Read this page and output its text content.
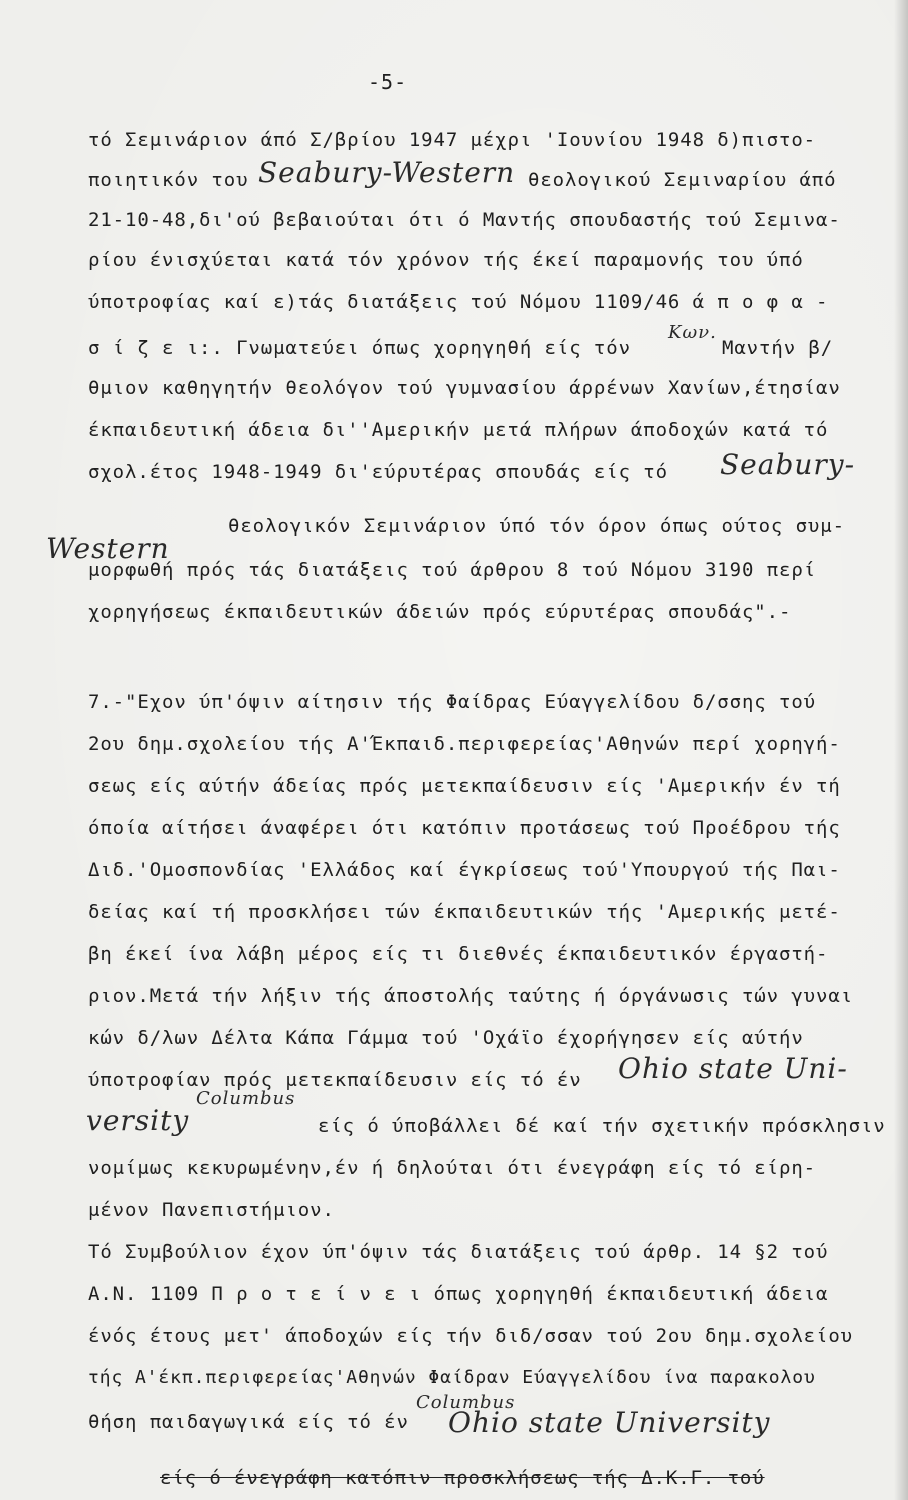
-5-
τό Σεμινάριον άπό Σ/βρίου 1947 μέχρι 'Ιουνίου 1948 δ)πιστο-
ποιητικόν του Seabury-Western θεολογικού Σεμιναρίου άπό
21-10-48,δι'ού βεβαιούται ότι ό Μαντής σπουδαστής τού Σεμινα-
ρίου ένισχύεται κατά τόν χρόνον τής έκεί παραμονής του ύπό
ύποτροφίας καί ε)τάς διατάξεις τού Νόμου 1109/46 ά π ο φ α -
σ ί ζ ε ι:. Γνωματεύει όπως χορηγηθή είς τόν
Κων.
Μαντήν β/
θμιον καθηγητήν θεολόγον τού γυμνασίου άρρένων Χανίων,έτησίαν
έκπαιδευτική άδεια δι''Αμερικήν μετά πλήρων άποδοχών κατά τό
σχολ.έτος 1948-1949 δι'εύρυτέρας σπουδάς είς τό Seabury-
Western
θεολογικόν Σεμινάριον ύπό τόν όρον όπως ούτος συμ-
μορφωθή πρός τάς διατάξεις τού άρθρου 8 τού Νόμου 3190 περί
χορηγήσεως έκπαιδευτικών άδειών πρός εύρυτέρας σπουδάς".-
7.-"Εχον ύπ'όψιν αίτησιν τής Φαίδρας Εύαγγελίδου δ/σσης τού
2ου δημ.σχολείου τής Α'Έκπαιδ.περιφερείας'Αθηνών περί χορηγή-
σεως είς αύτήν άδείας πρός μετεκπαίδευσιν είς 'Αμερικήν έν τή
όποία αίτήσει άναφέρει ότι κατόπιν προτάσεως τού Προέδρου τής
Διδ.'Ομοσπονδίας 'Ελλάδος καί έγκρίσεως τού'Υπουργού τής Παι-
δείας καί τή προσκλήσει τών έκπαιδευτικών τής 'Αμερικής μετέ-
βη έκεί ίνα λάβη μέρος είς τι διεθνές έκπαιδευτικόν έργαστή-
ριον.Μετά τήν λήξιν τής άποστολής ταύτης ή όργάνωσις τών γυναι
κών δ/λων Δέλτα Κάπα Γάμμα τού 'Οχάϊο έχορήγησεν είς αύτήν
ύποτροφίαν πρός μετεκπαίδευσιν είς τό έν Ohio state Uni-
versity
Columbus
είς ό ύποβάλλει δέ καί τήν σχετικήν πρόσκλησιν
νομίμως κεκυρωμένην,έν ή δηλούται ότι ένεγράφη είς τό είρη-
μένον Πανεπιστήμιον.
Τό Συμβούλιον έχον ύπ'όψιν τάς διατάξεις τού άρθρ. 14 §2 τού
Α.Ν. 1109 Π ρ ο τ ε ί ν ε ι όπως χορηγηθή έκπαιδευτική άδεια
ένός έτους μετ' άποδοχών είς τήν διδ/σσαν τού 2ου δημ.σχολείου
τής Α'έκπ.περιφερείας'Αθηνών Φαίδραν Εύαγγελίδου ίνα παρακολου
θήση παιδαγωγικά είς τό έν
Columbus
Ohio state University
είς ό ένεγράφη κατόπιν προσκλήσεως τής Δ.Κ.Γ. τού
